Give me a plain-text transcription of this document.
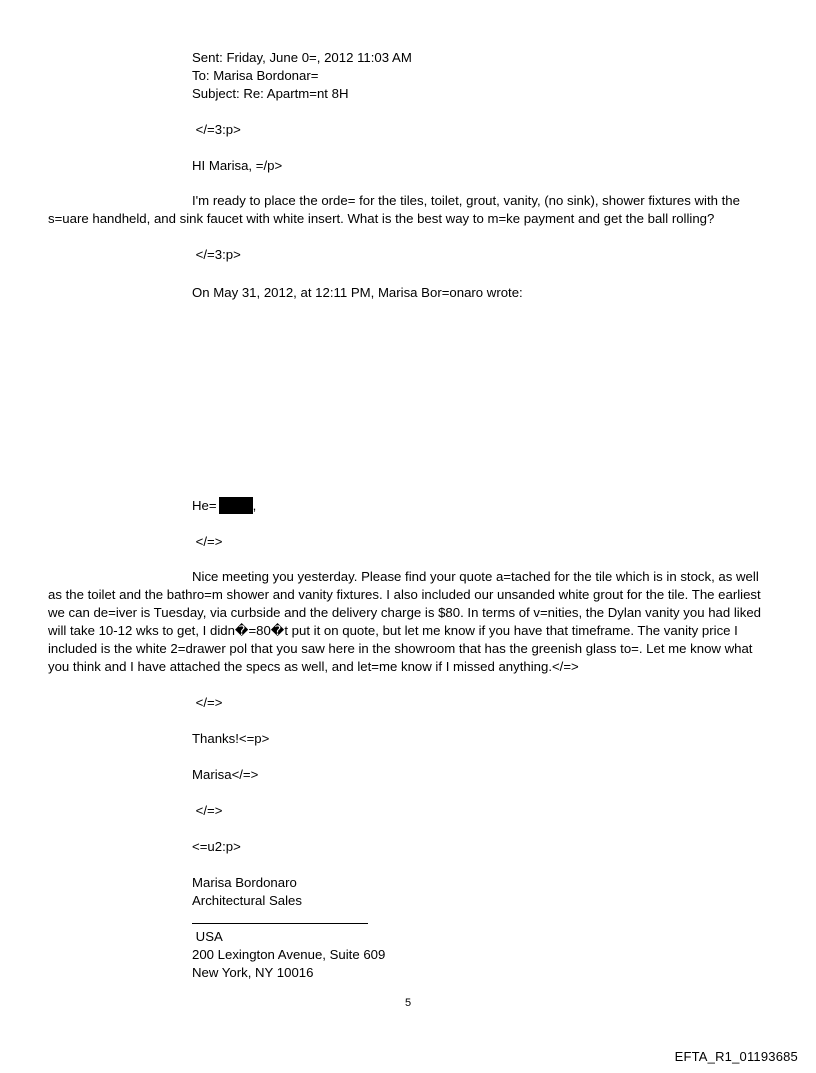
Sent: Friday, June 0=, 2012 11:03 AM
To: Marisa Bordonar=
Subject: Re: Apartm=nt 8H
</=3:p>
HI Marisa, =/p>
I'm ready to place the orde= for the tiles, toilet, grout, vanity, (no sink), shower fixtures with the s=uare handheld, and sink faucet with white insert. What is the best way to m=ke payment and get the ball rolling?
</=3:p>
On May 31, 2012, at 12:11 PM, Marisa Bor=onaro wrote:
He=	,
</=>
Nice meeting you yesterday. Please find your quote a=tached for the tile which is in stock, as well as the toilet and the bathro=m shower and vanity fixtures. I also included our unsanded white grout for the tile. The earliest we can de=iver is Tuesday, via curbside and the delivery charge is $80. In terms of v=nities, the Dylan vanity you had liked will take 10-12 wks to get, I didn�=80�t put it on quote, but let me know if you have that timeframe. The vanity price I included is the white 2=drawer pol that you saw here in the showroom that has the greenish glass to=. Let me know what you think and I have attached the specs as well, and let=me know if I missed anything.</=>
</=>
Thanks!<=p>
Marisa</=>
</=>
<=u2:p>
Marisa Bordonaro
Architectural Sales
USA
200 Lexington Avenue, Suite 609
New York, NY 10016
5
EFTA_R1_01193685
